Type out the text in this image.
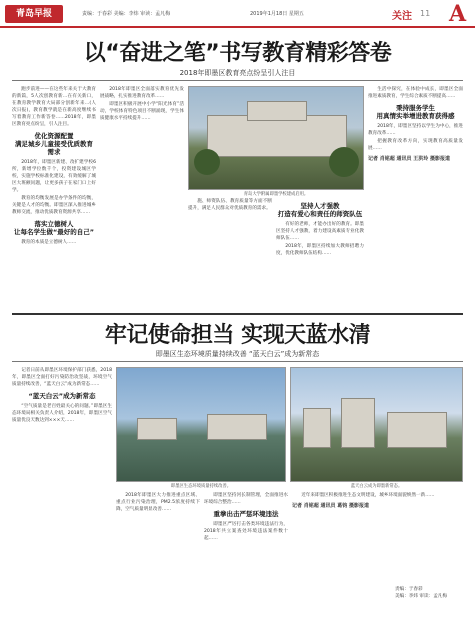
青岛早报	责编：于春彩 美编：李炜 审读：孟凡梅	2019年1月18日 星期五	关注 11 A
以“奋进之笔”书写教育精彩答卷
2018年即墨区教育亮点纷呈引人注目

跑步前进——在这些年来关于大教育的新篇，5人次创教育新…在有关新口，在教育教学教育大局部分创新年来…(人次日报)，教育教学就是在新高度继续书写着教育工作新答卷……2018年，即墨区教育亮点纷呈，引人注目。

优化资源配置
满足城乡儿童接受优质教育需求

2018年，即墨区新建、改扩建学校6所，新增学位数千个，投资建设城区学校，实施学校标准化建设，有效缓解了城区大班额问题，让更多孩子在家门口上好学。

教育的均衡发展是办学条件的均衡，关键是人才的均衡。即墨区深入推进城乡教师交流，推动优质教育资源共享……

落实立德树人
让每名学生做“最好的自己”

教育的本质是立德树人……

2018年即墨区全面落实教育优先发展战略，扎实推进教育改革……

即墨区积极开展中小学“阳光体育”活动，学校体育特色项目不断涌现，学生体质健康水平持续提升……

青岛大学附属即墨学校建成启用。

施、师资队伍、教育质量等方面不断提升，满足人民群众对优质教育的需求。	坚持人才强教
打造有爱心和责任的师资队伍

有好的老师，才能办出好的教育。即墨区坚持人才强教，着力建设高素质专业化教师队伍……

2018年，即墨区持续加大教师招聘力度，优化教师队伍结构……

生活中探究，在体验中成长，即墨区全面推进素质教育，学生综合素质不断提高……

秉持服务学生
用真情实举增进教育获得感

2018年，即墨区坚持以学生为中心，推进教育改革……

把握教育改革方向，实现教育高质量发展……

记者 肖铭超 通讯员 王洪玲 摄影报道

牢记使命担当 实现天蓝水清
即墨区生态环境质量持续改善 “蓝天白云”成为新常态

记者日前从即墨区环境保护部门获悉，2018年，即墨区全面打好污染防治攻坚战，环境空气质量持续改善，“蓝天白云”成为新常态……

“蓝天白云”成为新常态

“空气质量是老百姓最关心的问题。”即墨区生态环境局相关负责人介绍，2018年，即墨区空气质量优良天数达到×××天……

即墨区生态环境质量持续改善。	蓝天白云成为即墨新常态。

2018年即墨区大力推进重点区域、重点行业污染治理，PM2.5浓度持续下降，空气质量明显改善……

即墨区坚持河长制管理，全面推进水环境综合整治……

重拳出击严惩环境违法

即墨区严厉打击各类环境违法行为，2018年共立案查处环境违法案件数十起……

近年来即墨区积极推进生态文明建设，城乡环境面貌焕然一新……

记者 肖铭超 通讯员 葛钧 摄影报道

责编：于春彩
美编：李炜 审读：孟凡梅
